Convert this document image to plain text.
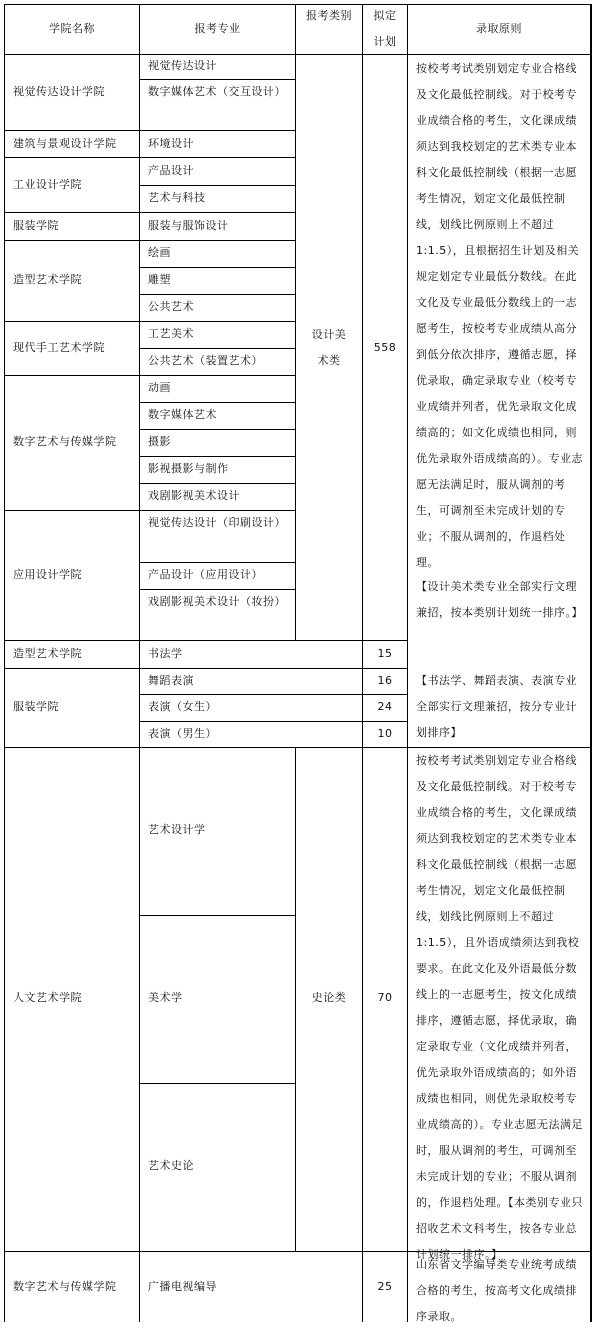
学院名称	报考专业
报考类别	拟定计划
录取原则
视觉传达设计学院
建筑与景观设计学院
工业设计学院
服装学院
造型艺术学院
现代手工艺术学院
数字艺术与传媒学院
应用设计学院
造型艺术学院
服装学院
人文艺术学院
数字艺术与传媒学院
视觉传达设计
数字媒体艺术（交互设计）
环境设计
产品设计
艺术与科技
服装与服饰设计
绘画
雕塑
公共艺术
工艺美术
公共艺术（装置艺术）
动画
数字媒体艺术
摄影
影视摄影与制作
戏剧影视美术设计
视觉传达设计（印刷设计）
产品设计（应用设计）
戏剧影视美术设计（妆扮）
书法学
舞蹈表演
表演（女生）
表演（男生）
艺术设计学
美术学
艺术史论
广播电视编导
设计美术类
史论类
558
15
16
24
10
70
25
按校考考试类别划定专业合格线及文化最低控制线。对于校考专业成绩合格的考生，文化课成绩须达到我校划定的艺术类专业本科文化最低控制线（根据一志愿考生情况，划定文化最低控制线，划线比例原则上不超过1:1.5），且根据招生计划及相关规定划定专业最低分数线。在此文化及专业最低分数线上的一志愿考生，按校考专业成绩从高分到低分依次排序，遵循志愿，择优录取，确定录取专业（校考专业成绩并列者，优先录取文化成绩高的；如文化成绩也相同，则优先录取外语成绩高的）。专业志愿无法满足时，服从调剂的考生，可调剂至未完成计划的专业；不服从调剂的，作退档处理。
【设计美术类专业全部实行文理兼招，按本类别计划统一排序。】
【书法学、舞蹈表演、表演专业全部实行文理兼招，按分专业计划排序】
按校考考试类别划定专业合格线及文化最低控制线。对于校考专业成绩合格的考生，文化课成绩须达到我校划定的艺术类专业本科文化最低控制线（根据一志愿考生情况，划定文化最低控制线，划线比例原则上不超过1:1.5），且外语成绩须达到我校要求。在此文化及外语最低分数线上的一志愿考生，按文化成绩排序，遵循志愿，择优录取，确定录取专业（文化成绩并列者，优先录取外语成绩高的；如外语成绩也相同，则优先录取校考专业成绩高的）。专业志愿无法满足时，服从调剂的考生，可调剂至未完成计划的专业；不服从调剂的，作退档处理。【本类别专业只招收艺术文科考生，按各专业总计划统一排序。】
山东省文学编导类专业统考成绩合格的考生，按高考文化成绩排序录取。
